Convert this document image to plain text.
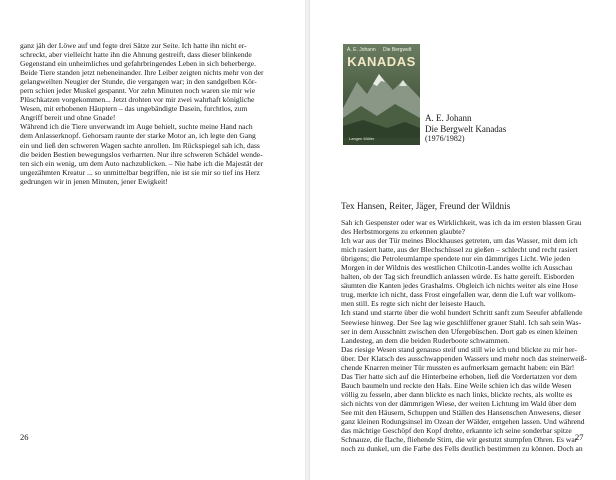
ganz jäh der Löwe auf und fegte drei Sätze zur Seite. Ich hatte ihn nicht er-
schreckt, aber vielleicht hatte ihn die Ahnung gestreift, dass dieser blinkende
Gegenstand ein unheimliches und gefahrbringendes Leben in sich beherberge.
Beide Tiere standen jetzt nebeneinander. Ihre Leiber zeigten nichts mehr von der
gelangweilten Neugier der Stunde, die vergangen war; in den sandgelben Kör-
pern schien jeder Muskel gespannt. Vor zehn Minuten noch waren sie mir wie
Plüschkatzen vorgekommen... Jetzt drohten vor mir zwei wahrhaft königliche
Wesen, mit erhobenen Häuptern – das ungebändigte Dasein, furchtlos, zum
Angriff bereit und ohne Gnade!
Während ich die Tiere unverwandt im Auge behielt, suchte meine Hand nach
dem Anlasserknopf. Gehorsam raunte der starke Motor an, ich legte den Gang
ein und ließ den schweren Wagen sachte anrollen. Im Rückspiegel sah ich, dass
die beiden Bestien bewegungslos verharrten. Nur ihre schweren Schädel wende-
ten sich ein wenig, um dem Auto nachzublicken. – Nie habe ich die Majestät der
ungezähmten Kreatur ... so unmittelbar begriffen, nie ist sie mir so tief ins Herz
gedrungen wir in jenen Minuten, jener Ewigkeit!
26
A. E. Johann Die Bergwelt
KANADAS
Langen Müller
A. E. Johann
Die Bergwelt Kanadas
(1976/1982)
Tex Hansen, Reiter, Jäger, Freund der Wildnis
Sah ich Gespenster oder war es Wirklichkeit, was ich da im ersten blassen Grau
des Herbstmorgens zu erkennen glaubte?
Ich war aus der Tür meines Blockhauses getreten, um das Wasser, mit dem ich
mich rasiert hatte, aus der Blechschüssel zu gießen – schlecht und recht rasiert
übrigens; die Petroleumlampe spendete nur ein dämmriges Licht. Wie jeden
Morgen in der Wildnis des westlichen Chilcotin-Landes wollte ich Ausschau
halten, ob der Tag sich freundlich anlassen würde. Es hatte gereift. Eisborden
säumten die Kanten jedes Grashalms. Obgleich ich nichts weiter als eine Hose
trug, merkte ich nicht, dass Frost eingefallen war, denn die Luft war vollkom-
men still. Es regte sich nicht der leiseste Hauch.
Ich stand und starrte über die wohl hundert Schritt sanft zum Seeufer abfallende
Seewiese hinweg. Der See lag wie geschliffener grauer Stahl. Ich sah sein Was-
ser in dem Ausschnitt zwischen den Ufergebüschen. Dort gab es einen kleinen
Landesteg, an dem die beiden Ruderboote schwammen.
Das riesige Wesen stand genauso steif und still wie ich und blickte zu mir her-
über. Der Klatsch des ausschwappenden Wassers und mehr noch das steinerweiß-
chende Knarren meiner Tür mussten es aufmerksam gemacht haben: ein Bär!
Das Tier hatte sich auf die Hinterbeine erhoben, ließ die Vordertatzen vor dem
Bauch baumeln und reckte den Hals. Eine Weile schien ich das wilde Wesen
völlig zu fesseln, aber dann blickte es nach links, blickte rechts, als wollte es
sich nichts von der dämmrigen Wiese, der weiten Lichtung im Wald über dem
See mit den Häusern, Schuppen und Ställen des Hansenschen Anwesens, dieser
ganz kleinen Rodungsinsel im Ozean der Wälder, entgehen lassen. Und während
das mächtige Geschöpf den Kopf drehte, erkannte ich seine sonderbar spitze
Schnauze, die flache, fliehende Stirn, die wir gestutzt stumpfen Ohren. Es war
noch zu dunkel, um die Farbe des Fells deutlich bestimmen zu können. Doch an
27
